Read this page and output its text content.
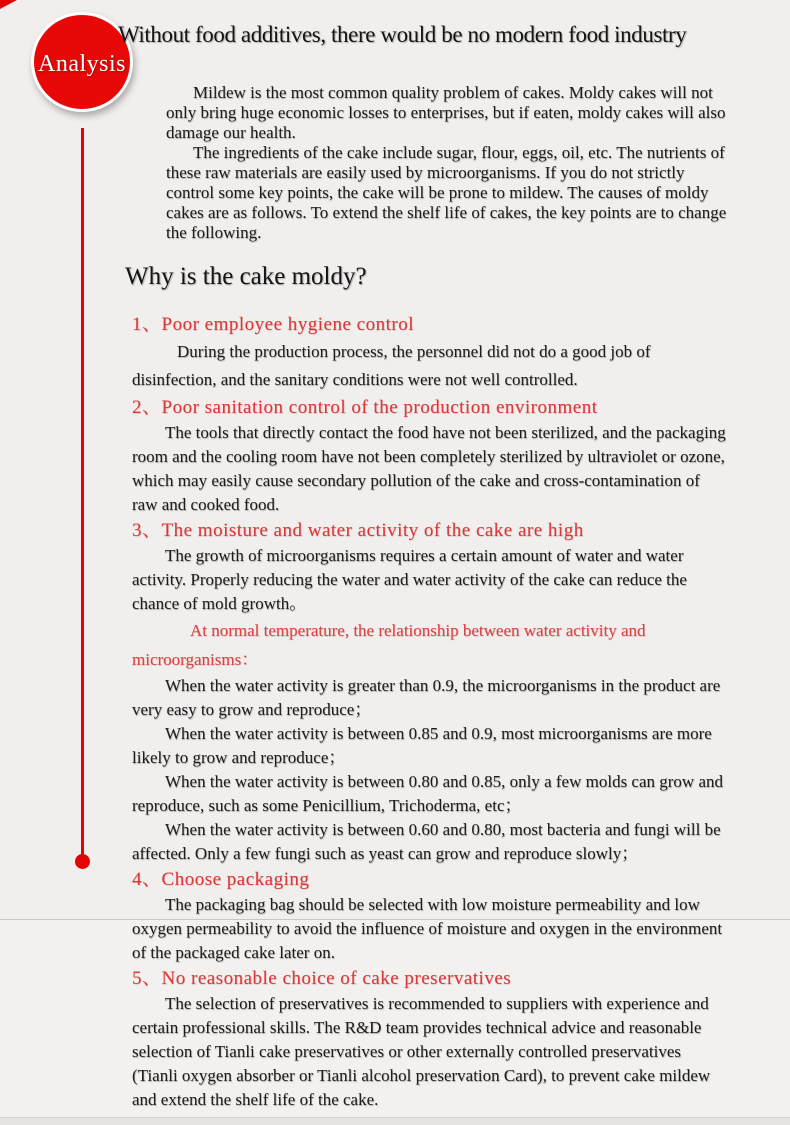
Analysis
Without food additives, there would be no modern food industry

Mildew is the most common quality problem of cakes. Moldy cakes will not only bring huge economic losses to enterprises, but if eaten, moldy cakes will also damage our health.

The ingredients of the cake include sugar, flour, eggs, oil, etc. The nutrients of these raw materials are easily used by microorganisms. If you do not strictly control some key points, the cake will be prone to mildew. The causes of moldy cakes are as follows. To extend the shelf life of cakes, the key points are to change the following.

Why is the cake moldy?
1、Poor employee hygiene control

During the production process, the personnel did not do a good job of disinfection, and the sanitary conditions were not well controlled.

2、Poor sanitation control of the production environment

The tools that directly contact the food have not been sterilized, and the packaging room and the cooling room have not been completely sterilized by ultraviolet or ozone, which may easily cause secondary pollution of the cake and cross-contamination of raw and cooked food.

3、The moisture and water activity of the cake are high

The growth of microorganisms requires a certain amount of water and water activity. Properly reducing the water and water activity of the cake can reduce the chance of mold growth。

At normal temperature, the relationship between water activity and microorganisms：

When the water activity is greater than 0.9, the microorganisms in the product are very easy to grow and reproduce；

When the water activity is between 0.85 and 0.9, most microorganisms are more likely to grow and reproduce；

When the water activity is between 0.80 and 0.85, only a few molds can grow and reproduce, such as some Penicillium, Trichoderma, etc；

When the water activity is between 0.60 and 0.80, most bacteria and fungi will be affected. Only a few fungi such as yeast can grow and reproduce slowly；

4、Choose packaging

The packaging bag should be selected with low moisture permeability and low oxygen permeability to avoid the influence of moisture and oxygen in the environment of the packaged cake later on.

5、No reasonable choice of cake preservatives

The selection of preservatives is recommended to suppliers with experience and certain professional skills. The R&D team provides technical advice and reasonable selection of Tianli cake preservatives or other externally controlled preservatives (Tianli oxygen absorber or Tianli alcohol preservation Card), to prevent cake mildew and extend the shelf life of the cake.
